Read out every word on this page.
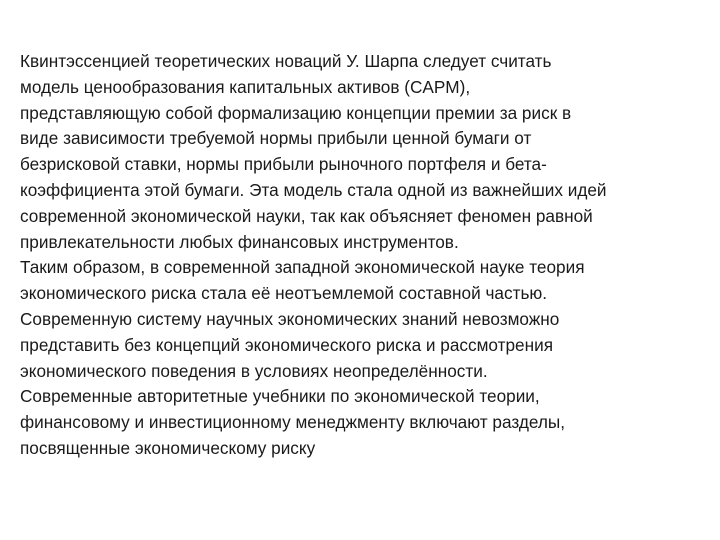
Квинтэссенцией теоретических новаций У. Шарпа следует считать
модель ценообразования капитальных активов (CAPM),
представляющую собой формализацию концепции премии за риск в
виде зависимости требуемой нормы прибыли ценной бумаги от
безрисковой ставки, нормы прибыли рыночного портфеля и бета-
коэффициента этой бумаги. Эта модель стала одной из важнейших идей
современной экономической науки, так как объясняет феномен равной
привлекательности любых финансовых инструментов.
Таким образом, в современной западной экономической науке теория
экономического риска стала её неотъемлемой составной частью.
Современную систему научных экономических знаний невозможно
представить без концепций экономического риска и рассмотрения
экономического поведения в условиях неопределённости.
Современные авторитетные учебники по экономической теории,
финансовому и инвестиционному менеджменту включают разделы,
посвященные экономическому риску
